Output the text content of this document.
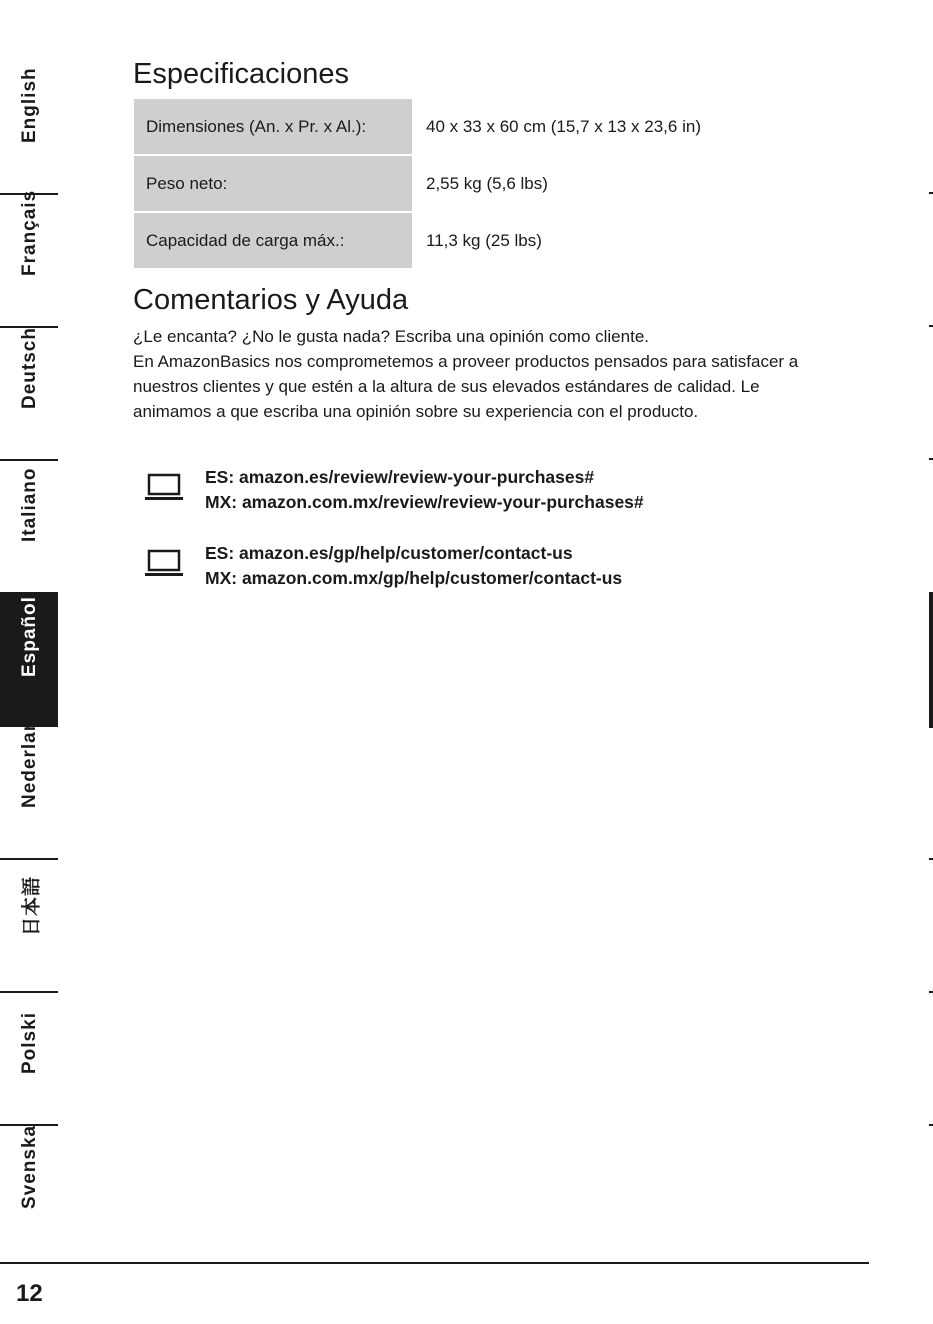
English
Français
Deutsch
Italiano
Español
Nederlands
日本語
Polski
Svenska
Especificaciones
Dimensiones (An. x Pr. x Al.):	40 x 33 x 60 cm (15,7 x 13 x 23,6 in)
Peso neto:	2,55 kg (5,6 lbs)
Capacidad de carga máx.:	11,3 kg (25 lbs)
Comentarios y Ayuda

¿Le encanta? ¿No le gusta nada? Escriba una opinión como cliente.

En AmazonBasics nos comprometemos a proveer productos pensados para satisfacer a nuestros clientes y que estén a la altura de sus elevados estándares de calidad. Le animamos a que escriba una opinión sobre su experiencia con el producto.

ES: amazon.es/review/review-your-purchases#
MX: amazon.com.mx/review/review-your-purchases#
ES: amazon.es/gp/help/customer/contact-us
MX: amazon.com.mx/gp/help/customer/contact-us
12
